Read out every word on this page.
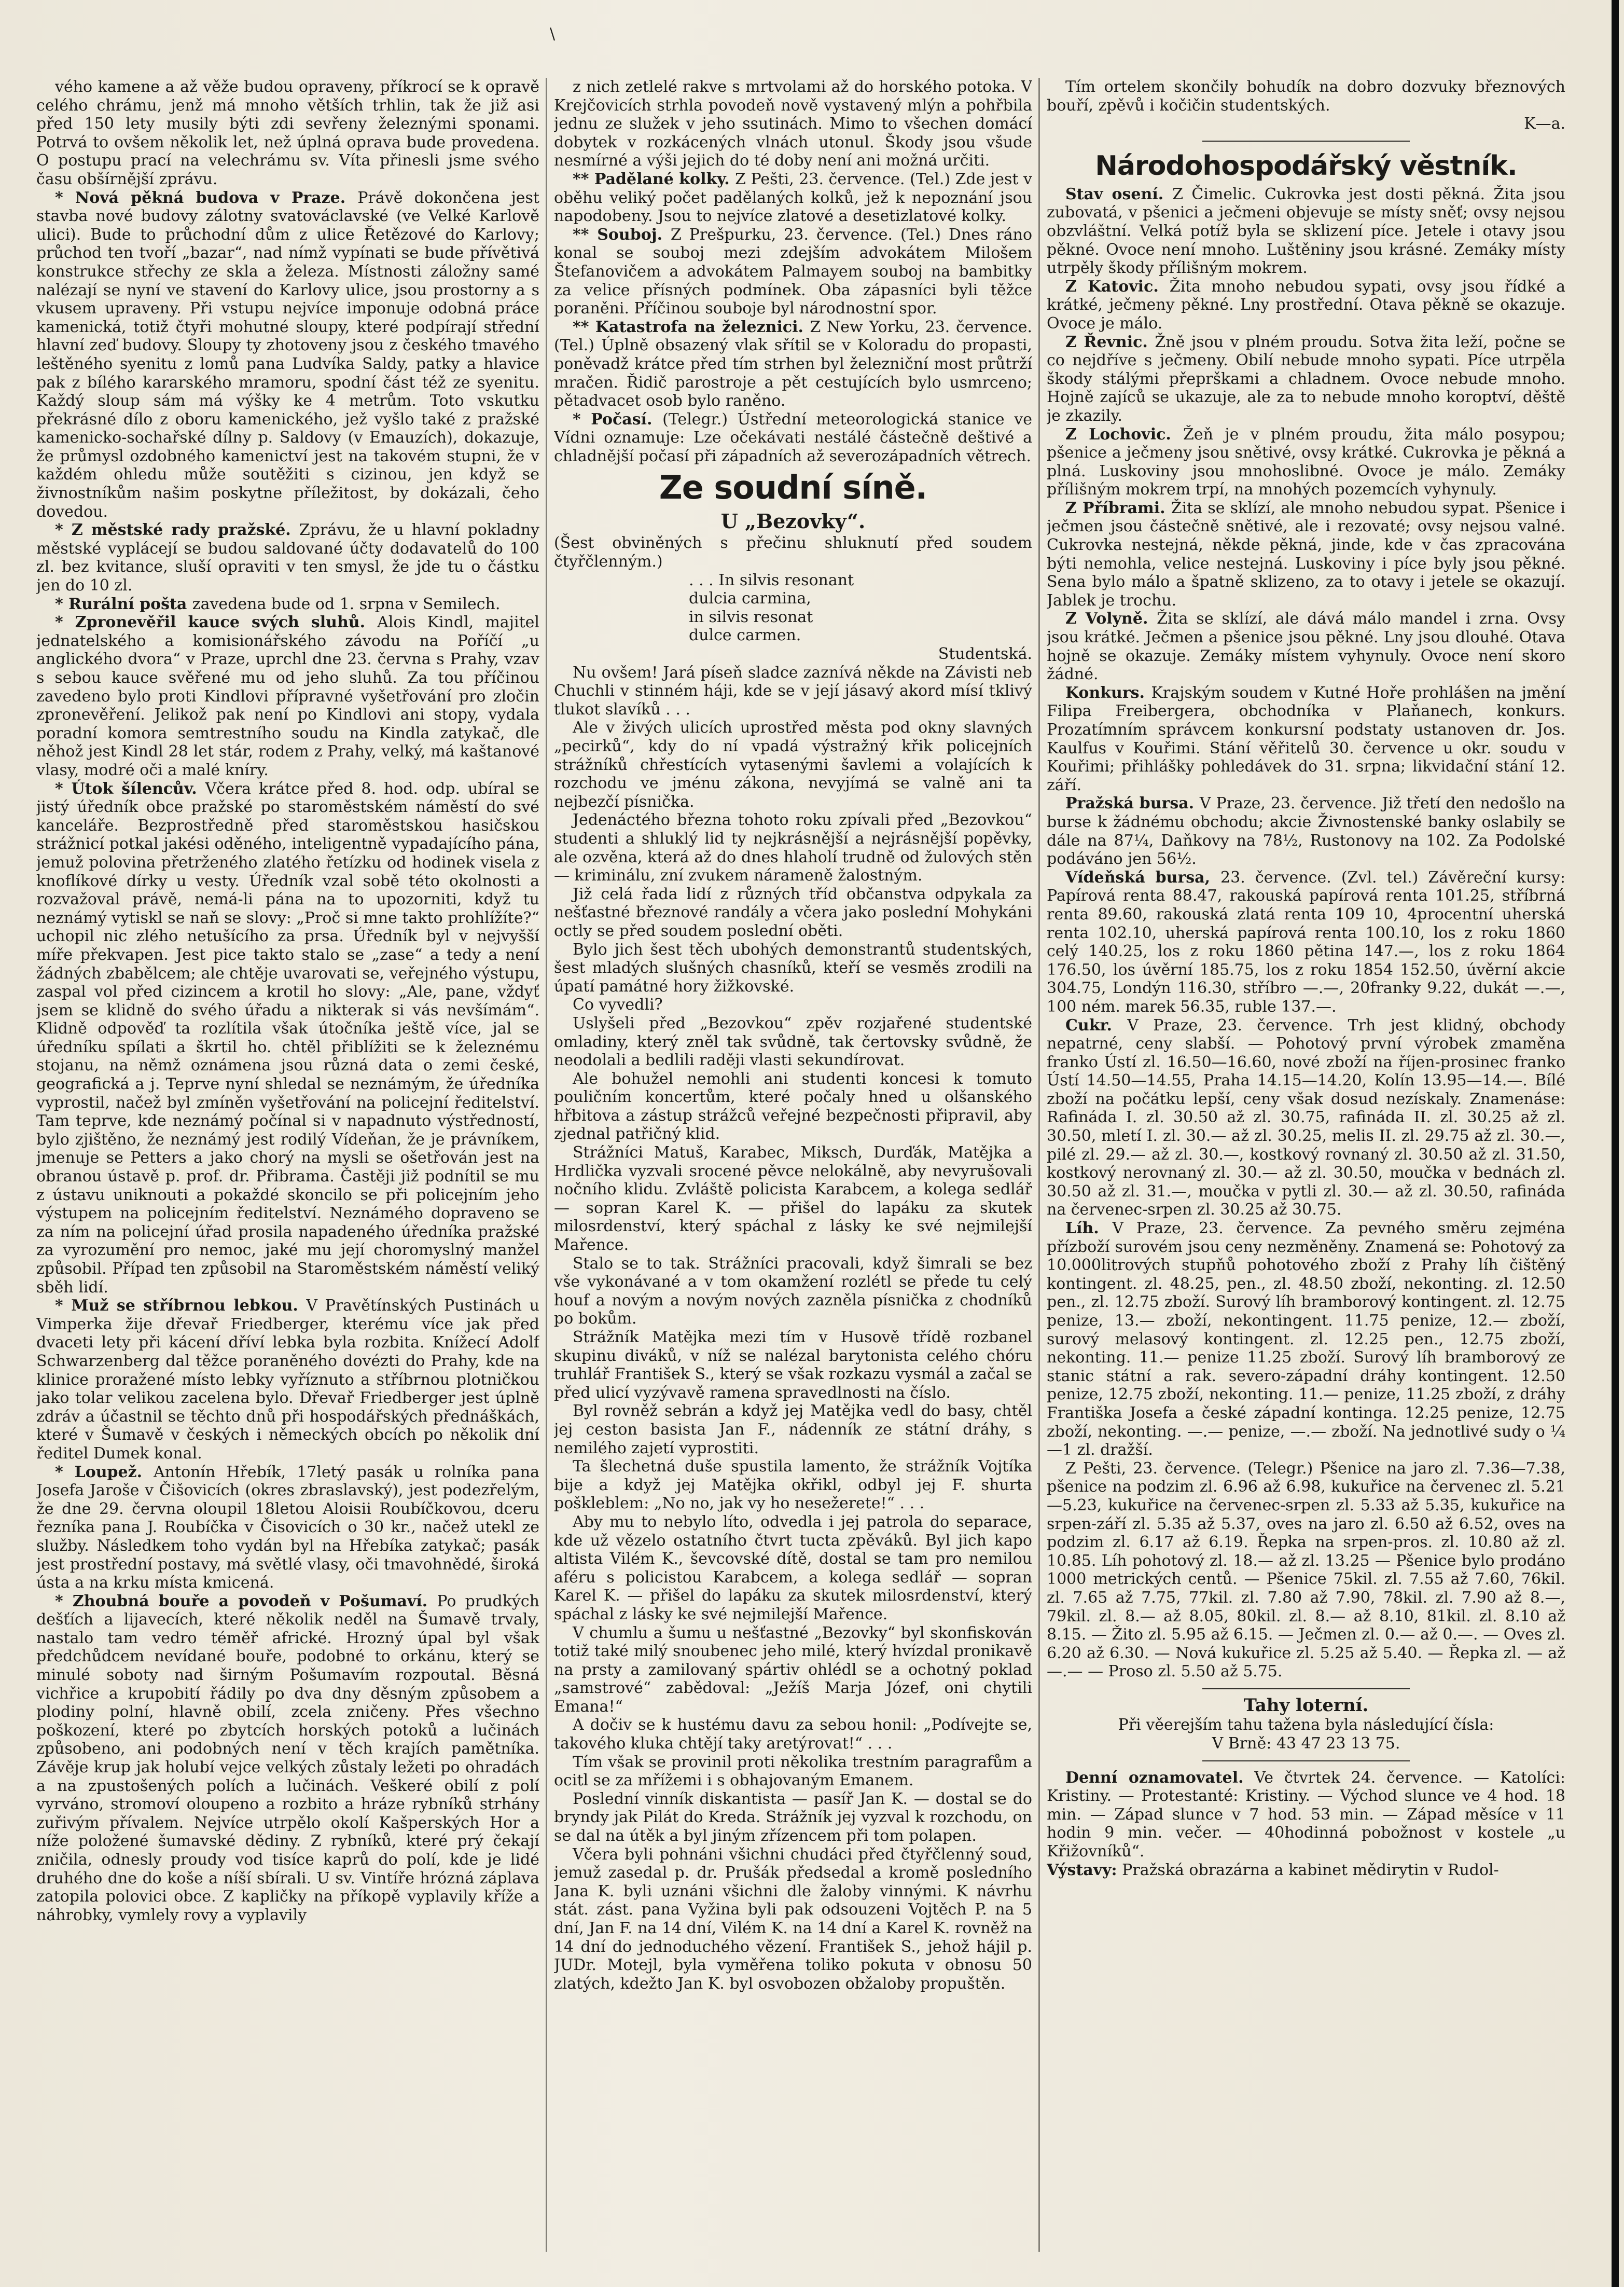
\

vého kamene a až věže budou opraveny, příkrocí se k opravě celého chrámu, jenž má mnoho větších trhlin, tak že již asi před 150 lety musily býti zdi sevřeny železnými sponami. Potrvá to ovšem několik let, než úplná oprava bude provedena. O postupu prací na velechrámu sv. Víta přinesli jsme svého času obšírnější zprávu.

* Nová pěkná budova v Praze. Právě dokončena jest stavba nové budovy zálotny svatováclavské (ve Velké Karlově ulici). Bude to průchodní dům z ulice Řetězové do Karlovy; průchod ten tvoří „bazar“, nad nímž vypínati se bude přívětivá konstrukce střechy ze skla a železa. Místnosti záložny samé nalézají se nyní ve stavení do Karlovy ulice, jsou prostorny a s vkusem upraveny. Při vstupu nejvíce imponuje odobná práce kamenická, totiž čtyři mohutné sloupy, které podpírají střední hlavní zeď budovy. Sloupy ty zhotoveny jsou z českého tmavého leštěného syenitu z lomů pana Ludvíka Saldy, patky a hlavice pak z bílého kararského mramoru, spodní část též ze syenitu. Každý sloup sám má výšky ke 4 metrům. Toto vskutku překrásné dílo z oboru kamenického, jež vyšlo také z pražské kamenicko-sochařské dílny p. Saldovy (v Emauzích), dokazuje, že průmysl ozdobného kamenictví jest na takovém stupni, že v každém ohledu může soutěžiti s cizinou, jen když se živnostníkům našim poskytne příležitost, by dokázali, čeho dovedou.

* Z městské rady pražské. Zprávu, že u hlavní pokladny městské vyplácejí se budou saldované účty dodavatelů do 100 zl. bez kvitance, sluší opraviti v ten smysl, že jde tu o částku jen do 10 zl.

* Rurální pošta zavedena bude od 1. srpna v Semilech.

* Zpronevěřil kauce svých sluhů. Alois Kindl, majitel jednatelského a komisionářského závodu na Poříčí „u anglického dvora“ v Praze, uprchl dne 23. června s Prahy, vzav s sebou kauce svěřené mu od jeho sluhů. Za tou příčinou zavedeno bylo proti Kindlovi přípravné vyšetřování pro zločin zpronevěření. Jelikož pak není po Kindlovi ani stopy, vydala poradní komora semtrestního soudu na Kindla zatykač, dle něhož jest Kindl 28 let stár, rodem z Prahy, velký, má kaštanové vlasy, modré oči a malé kníry.

* Útok šílencův. Včera krátce před 8. hod. odp. ubíral se jistý úředník obce pražské po staroměstském náměstí do své kanceláře. Bezprostředně před staroměstskou hasičskou strážnicí potkal jakési oděného, inteligentně vypadajícího pána, jemuž polovina přetrženého zlatého řetízku od hodinek visela z knoflíkové dírky u vesty. Úředník vzal sobě této okolnosti a rozvažoval právě, nemá-li pána na to upozorniti, když tu neznámý vytiskl se naň se slovy: „Proč si mne takto prohlížíte?“ uchopil nic zlého netušícího za prsa. Úředník byl v nejvyšší míře překvapen. Jest pice takto stalo se „zase“ a tedy a není žádných zbabělcem; ale chtěje uvarovati se, veřejného výstupu, zaspal vol před cizincem a krotil ho slovy: „Ale, pane, vždyť jsem se klidně do svého úřadu a nikterak si vás nevšímám“. Klidně odpověď ta rozlítila však útočníka ještě více, jal se úředníku spílati a škrtil ho. chtěl přiblížiti se k železnému stojanu, na němž oznámena jsou různá data o zemi české, geografická a j. Teprve nyní shledal se neznámým, že úředníka vyprostil, načež byl zmíněn vyšetřování na policejní ředitelství. Tam teprve, kde neznámý počínal si v napadnuto výstředností, bylo zjištěno, že neznámý jest rodilý Vídeňan, že je právníkem, jmenuje se Petters a jako chorý na mysli se ošetřován jest na obranou ústavě p. prof. dr. Přibrama. Častěji již podnítil se mu z ústavu uniknouti a pokaždé skoncilo se při policejním jeho výstupem na policejním ředitelství. Neznámého dopraveno se za ním na policejní úřad prosila napadeného úředníka pražské za vyrozumění pro nemoc, jaké mu její choromyslný manžel způsobil. Případ ten způsobil na Staroměstském náměstí veliký sběh lidí.

* Muž se stříbrnou lebkou. V Pravětínských Pustinách u Vimperka žije dřevař Friedberger, kterému více jak před dvaceti lety při kácení dříví lebka byla rozbita. Knížecí Adolf Schwarzenberg dal těžce poraněného dovézti do Prahy, kde na klinice proražené místo lebky vyříznuto a stříbrnou plotničkou jako tolar velikou zacelena bylo. Dřevař Friedberger jest úplně zdráv a účastnil se těchto dnů při hospodářských přednáškách, které v Šumavě v českých i německých obcích po několik dní ředitel Dumek konal.

* Loupež. Antonín Hřebík, 17letý pasák u rolníka pana Josefa Jaroše v Čišovicích (okres zbraslavský), jest podezřelým, že dne 29. června oloupil 18letou Aloisii Roubíčkovou, dceru řezníka pana J. Roubíčka v Čisovicích o 30 kr., načež utekl ze služby. Následkem toho vydán byl na Hřebíka zatykač; pasák jest prostřední postavy, má světlé vlasy, oči tmavohnědé, široká ústa a na krku místa kmicená.

* Zhoubná bouře a povodeň v Pošumaví. Po prudkých dešťích a lijavecích, které několik neděl na Šumavě trvaly, nastalo tam vedro téměř africké. Hrozný úpal byl však předchůdcem nevídané bouře, podobné to orkánu, který se minulé soboty nad širným Pošumavím rozpoutal. Běsná vichřice a krupobití řádily po dva dny děsným způsobem a plodiny polní, hlavně obilí, zcela zničeny. Přes všechno poškození, které po zbytcích horských potoků a lučinách způsobeno, ani podobných není v těch krajích pamětníka. Závěje krup jak holubí vejce velkých zůstaly ležeti po ohradách a na zpustošených polích a lučinách. Veškeré obilí z polí vyrváno, stromoví oloupeno a rozbito a hráze rybníků strhány zuřivým přívalem. Nejvíce utrpělo okolí Kašperských Hor a níže položené šumavské dědiny. Z rybníků, které prý čekají zničila, odnesly proudy vod tisíce kaprů do polí, kde je lidé druhého dne do koše a níší sbírali. U sv. Vintíře hrózná záplava zatopila polovici obce. Z kapličky na příkopě vyplavily kříže a náhrobky, vymlely rovy a vyplavily

z nich zetlelé rakve s mrtvolami až do horského potoka. V Krejčovicích strhla povodeň nově vystavený mlýn a pohřbila jednu ze služek v jeho ssutinách. Mimo to všechen domácí dobytek v rozkácených vlnách utonul. Škody jsou všude nesmírné a výši jejich do té doby není ani možná určiti.

** Padělané kolky. Z Pešti, 23. července. (Tel.) Zde jest v oběhu veliký počet padělaných kolků, jež k nepoznání jsou napodobeny. Jsou to nejvíce zlatové a desetizlatové kolky.

** Souboj. Z Prešpurku, 23. července. (Tel.) Dnes ráno konal se souboj mezi zdejším advokátem Milošem Štefanovičem a advokátem Palmayem souboj na bambitky za velice přísných podmínek. Oba zápasníci byli těžce poraněni. Příčinou souboje byl národnostní spor.

** Katastrofa na železnici. Z New Yorku, 23. července. (Tel.) Úplně obsazený vlak sřítil se v Koloradu do propasti, poněvadž krátce před tím strhen byl železniční most průtrží mračen. Řidič parostroje a pět cestujících bylo usmrceno; pětadvacet osob bylo raněno.

* Počasí. (Telegr.) Ústřední meteorologická stanice ve Vídni oznamuje: Lze očekávati nestálé částečně deštivé a chladnější počasí při západních až severozápadních větrech.

Ze soudní síně.
U „Bezovky“.

(Šest obviněných s přečinu shluknutí před soudem čtyřčlenným.)

. . . In silvis resonant

dulcia carmina,

in silvis resonat

dulce carmen.

Studentská.

Nu ovšem! Jará píseň sladce zaznívá někde na Závisti neb Chuchli v stinném háji, kde se v její jásavý akord mísí tklivý tlukot slavíků . . .

Ale v živých ulicích uprostřed města pod okny slavných „pecirků“, kdy do ní vpadá výstražný křik policejních strážníků chřestících vytasenými šavlemi a volajících k rozchodu ve jménu zákona, nevyjímá se valně ani ta nejbezčí písnička.

Jedenáctého března tohoto roku zpívali před „Bezovkou“ studenti a shluklý lid ty nejkrásnější a nejrásnější popěvky, ale ozvěna, která až do dnes hlaholí trudně od žulových stěn — kriminálu, zní zvukem nárameně žalostným.

Již celá řada lidí z různých tříd občanstva odpykala za nešťastné březnové randály a včera jako poslední Mohykáni octly se před soudem poslední oběti.

Bylo jich šest těch ubohých demonstrantů studentských, šest mladých slušných chasníků, kteří se vesměs zrodili na úpatí památné hory žižkovské.

Co vyvedli?

Uslyšeli před „Bezovkou“ zpěv rozjařené studentské omladiny, který zněl tak svůdně, tak čertovsky svůdně, že neodolali a bedlili raději vlasti sekundírovat.

Ale bohužel nemohli ani studenti koncesi k tomuto pouličním koncertům, které počaly hned u olšanského hřbitova a zástup strážců veřejné bezpečnosti připravil, aby zjednal patřičný klid.

Strážníci Matuš, Karabec, Miksch, Durďák, Matějka a Hrdlička vyzvali srocené pěvce nelokálně, aby nevyrušovali nočního klidu. Zvláště policista Karabcem, a kolega sedlář — sopran Karel K. — přišel do lapáku za skutek milosrdenství, který spáchal z lásky ke své nejmilejší Mařence.

Stalo se to tak. Strážníci pracovali, když šimrali se bez vše vykonávané a v tom okamžení rozlétl se přede tu celý houf a novým a novým nových zazněla písnička z chodníků po bokům.

Strážník Matějka mezi tím v Husově třídě rozbanel skupinu diváků, v níž se nalézal barytonista celého chóru truhlář František S., který se však rozkazu vysmál a začal se před ulicí vyzývavě ramena spravedlnosti na číslo.

Byl rovněž sebrán a když jej Matějka vedl do basy, chtěl jej ceston basista Jan F., nádenník ze státní dráhy, s nemilého zajetí vyprostiti.

Ta šlechetná duše spustila lamento, že strážník Vojtíka bije a když jej Matějka okřikl, odbyl jej F. shurta poškleblem: „No no, jak vy ho nesežerete!“ . . .

Aby mu to nebylo líto, odvedla i jej patrola do separace, kde už vězelo ostatního čtvrt tucta zpěváků. Byl jich kapo altista Vilém K., ševcovské dítě, dostal se tam pro nemilou aféru s policistou Karabcem, a kolega sedlář — sopran Karel K. — přišel do lapáku za skutek milosrdenství, který spáchal z lásky ke své nejmilejší Mařence.

V chumlu a šumu u nešťastné „Bezovky“ byl skonfiskován totiž také milý snoubenec jeho milé, který hvízdal pronikavě na prsty a zamilovaný spártiv ohlédl se a ochotný poklad „samstrové“ zabědoval: „Ježíš Marja Józef, oni chytili Emana!“

A dočiv se k hustému davu za sebou honil: „Podívejte se, takového kluka chtějí taky aretýrovat!“ . . .

Tím však se provinil proti několika trestním paragrafům a ocitl se za mřížemi i s obhajovaným Emanem.

Poslední vinník diskantista — pasíř Jan K. — dostal se do bryndy jak Pilát do Kreda. Strážník jej vyzval k rozchodu, on se dal na útěk a byl jiným zřízencem při tom polapen.

Včera byli pohnáni všichni chudáci před čtyřčlenný soud, jemuž zasedal p. dr. Prušák předsedal a kromě posledního Jana K. byli uznáni všichni dle žaloby vinnými. K návrhu stát. zást. pana Vyžina byli pak odsouzeni Vojtěch P. na 5 dní, Jan F. na 14 dní, Vilém K. na 14 dní a Karel K. rovněž na 14 dní do jednoduchého vězení. František S., jehož hájil p. JUDr. Motejl, byla vyměřena toliko pokuta v obnosu 50 zlatých, kdežto Jan K. byl osvobozen obžaloby propuštěn.

Tím ortelem skončily bohudík na dobro dozvuky březnových bouří, zpěvů i kočičin studentských.

K—a.

Národohospodářský věstník.

Stav osení. Z Čimelic. Cukrovka jest dosti pěkná. Žita jsou zubovatá, v pšenici a ječmeni objevuje se místy sněť; ovsy nejsou obzvláštní. Velká potíž byla se sklizení píce. Jetele i otavy jsou pěkné. Ovoce není mnoho. Luštěniny jsou krásné. Zemáky místy utrpěly škody přílišným mokrem.

Z Katovic. Žita mnoho nebudou sypati, ovsy jsou řídké a krátké, ječmeny pěkné. Lny prostřední. Otava pěkně se okazuje. Ovoce je málo.

Z Řevnic. Žně jsou v plném proudu. Sotva žita leží, počne se co nejdříve s ječmeny. Obilí nebude mnoho sypati. Píce utrpěla škody stálými přeprškami a chladnem. Ovoce nebude mnoho. Hojně zajíců se ukazuje, ale za to nebude mnoho koroptví, děště je zkazily.

Z Lochovic. Žeň je v plném proudu, žita málo posypou; pšenice a ječmeny jsou snětivé, ovsy krátké. Cukrovka je pěkná a plná. Luskoviny jsou mnohoslibné. Ovoce je málo. Zemáky přílišným mokrem trpí, na mnohých pozemcích vyhynuly.

Z Příbrami. Žita se sklízí, ale mnoho nebudou sypat. Pšenice i ječmen jsou částečně snětivé, ale i rezovaté; ovsy nejsou valné. Cukrovka nestejná, někde pěkná, jinde, kde v čas zpracována býti nemohla, velice nestejná. Luskoviny i píce byly jsou pěkné. Sena bylo málo a špatně sklizeno, za to otavy i jetele se okazují. Jablek je trochu.

Z Volyně. Žita se sklízí, ale dává málo mandel i zrna. Ovsy jsou krátké. Ječmen a pšenice jsou pěkné. Lny jsou dlouhé. Otava hojně se okazuje. Zemáky místem vyhynuly. Ovoce není skoro žádné.

Konkurs. Krajským soudem v Kutné Hoře prohlášen na jmění Filipa Freibergera, obchodníka v Plaňanech, konkurs. Prozatímním správcem konkursní podstaty ustanoven dr. Jos. Kaulfus v Kouřimi. Stání věřitelů 30. července u okr. soudu v Kouřimi; přihlášky pohledávek do 31. srpna; likvidační stání 12. září.

Pražská bursa. V Praze, 23. července. Již třetí den nedošlo na burse k žádnému obchodu; akcie Živnostenské banky oslabily se dále na 87¼, Daňkovy na 78½, Rustonovy na 102. Za Podolské podáváno jen 56½.

Vídeňská bursa, 23. července. (Zvl. tel.) Závěreční kursy: Papírová renta 88.47, rakouská papírová renta 101.25, stříbrná renta 89.60, rakouská zlatá renta 109 10, 4procentní uherská renta 102.10, uherská papírová renta 100.10, los z roku 1860 celý 140.25, los z roku 1860 pětina 147.—, los z roku 1864 176.50, los úvěrní 185.75, los z roku 1854 152.50, úvěrní akcie 304.75, Londýn 116.30, stříbro —.—, 20franky 9.22, dukát —.—, 100 ném. marek 56.35, ruble 137.—.

Cukr. V Praze, 23. července. Trh jest klidný, obchody nepatrné, ceny slabší. — Pohotový první výrobek zmaměna franko Ústí zl. 16.50—16.60, nové zboží na říjen-prosinec franko Ústí 14.50—14.55, Praha 14.15—14.20, Kolín 13.95—14.—. Bílé zboží na počátku lepší, ceny však dosud nezískaly. Znamenáse: Rafináda I. zl. 30.50 až zl. 30.75, rafináda II. zl. 30.25 až zl. 30.50, mletí I. zl. 30.— až zl. 30.25, melis II. zl. 29.75 až zl. 30.—, pilé zl. 29.— až zl. 30.—, kostkový rovnaný zl. 30.50 až zl. 31.50, kostkový nerovnaný zl. 30.— až zl. 30.50, moučka v bednách zl. 30.50 až zl. 31.—, moučka v pytli zl. 30.— až zl. 30.50, rafináda na červenec-srpen zl. 30.25 až 30.75.

Líh. V Praze, 23. července. Za pevného směru zejména přízboží surovém jsou ceny nezměněny. Znamená se: Pohotový za 10.000litrových stupňů pohotového zboží z Prahy líh čištěný kontingent. zl. 48.25, pen., zl. 48.50 zboží, nekonting. zl. 12.50 pen., zl. 12.75 zboží. Surový líh bramborový kontingent. zl. 12.75 penize, 13.— zboží, nekontingent. 11.75 penize, 12.— zboží, surový melasový kontingent. zl. 12.25 pen., 12.75 zboží, nekonting. 11.— penize 11.25 zboží. Surový líh bramborový ze stanic státní a rak. severo-západní dráhy kontingent. 12.50 penize, 12.75 zboží, nekonting. 11.— penize, 11.25 zboží, z dráhy Františka Josefa a české západní kontinga. 12.25 penize, 12.75 zboží, nekonting. —.— penize, —.— zboží. Na jednotlivé sudy o ¼—1 zl. dražší.

Z Pešti, 23. července. (Telegr.) Pšenice na jaro zl. 7.36—7.38, pšenice na podzim zl. 6.96 až 6.98, kukuřice na červenec zl. 5.21—5.23, kukuřice na červenec-srpen zl. 5.33 až 5.35, kukuřice na srpen-září zl. 5.35 až 5.37, oves na jaro zl. 6.50 až 6.52, oves na podzim zl. 6.17 až 6.19. Řepka na srpen-pros. zl. 10.80 až zl. 10.85. Líh pohotový zl. 18.— až zl. 13.25 — Pšenice bylo prodáno 1000 metrických centů. — Pšenice 75kil. zl. 7.55 až 7.60, 76kil. zl. 7.65 až 7.75, 77kil. zl. 7.80 až 7.90, 78kil. zl. 7.90 až 8.—, 79kil. zl. 8.— až 8.05, 80kil. zl. 8.— až 8.10, 81kil. zl. 8.10 až 8.15. — Žito zl. 5.95 až 6.15. — Ječmen zl. 0.— až 0.—. — Oves zl. 6.20 až 6.30. — Nová kukuřice zl. 5.25 až 5.40. — Řepka zl. — až —.— — Proso zl. 5.50 až 5.75.

Tahy loterní.

Při věerejším tahu tažena byla následující čísla:

V Brně: 43 47 23 13 75.

Denní oznamovatel. Ve čtvrtek 24. července. — Katolíci: Kristiny. — Protestanté: Kristiny. — Východ slunce ve 4 hod. 18 min. — Západ slunce v 7 hod. 53 min. — Západ měsíce v 11 hodin 9 min. večer. — 40hodinná pobožnost v kostele „u Křižovníků“.

Výstavy: Pražská obrazárna a kabinet mědirytin v Rudol-
